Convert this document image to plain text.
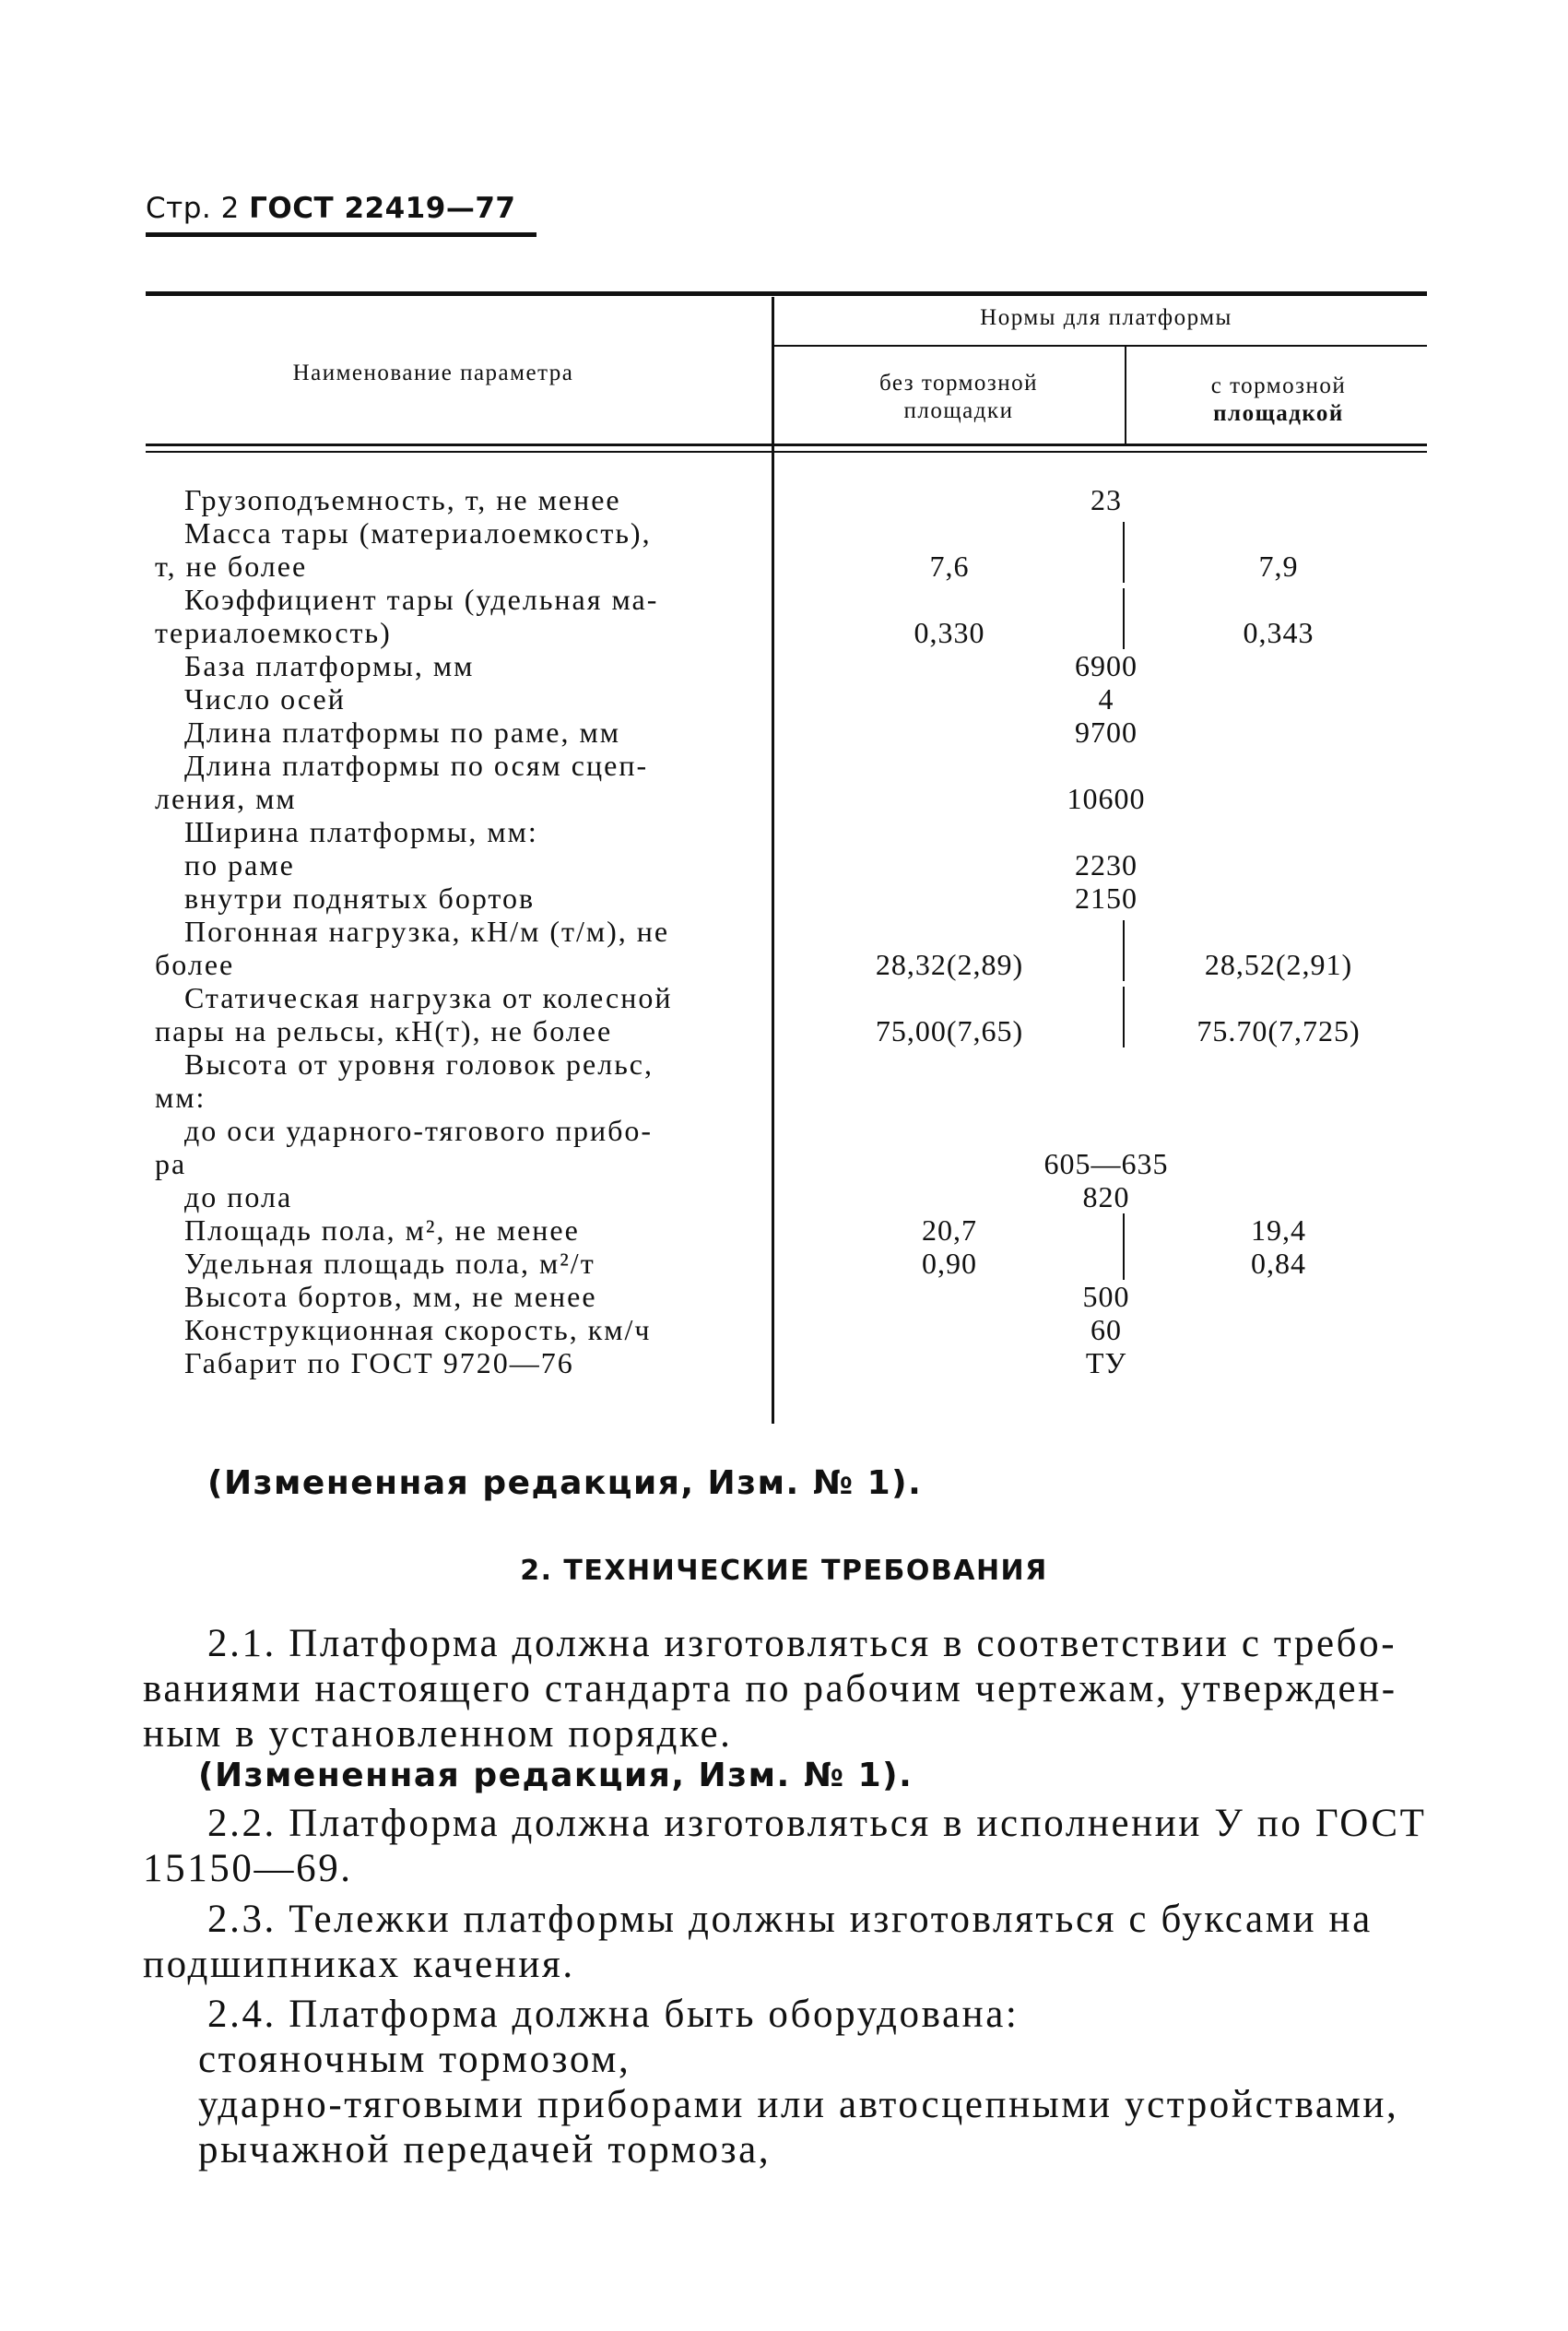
Стр. 2 ГОСТ 22419—77
Наименование параметра
Нормы для платформы
без тормозной
площадки
с тормозной
площадкой
Грузоподъемность, т, не менее	23
Масса тары (материалоемкость),
т, не более	7,6	7,9
Коэффициент тары (удельная ма-
териалоемкость)	0,330	0,343
База платформы, мм	6900
Число осей	4
Длина платформы по раме, мм	9700
Длина платформы по осям сцеп-
ления, мм	10600
Ширина платформы, мм:
по раме	2230
внутри поднятых бортов	2150
Погонная нагрузка, кН/м (т/м), не
более	28,32(2,89)	28,52(2,91)
Статическая нагрузка от колесной
пары на рельсы, кН(т), не более	75,00(7,65)	75.70(7,725)
Высота от уровня головок рельс,
мм:
до оси ударного-тягового прибо-
ра	605—635
до пола	820
Площадь пола, м², не менее	20,7	19,4
Удельная площадь пола, м²/т	0,90	0,84
Высота бортов, мм, не менее	500
Конструкционная скорость, км/ч	60
Габарит по ГОСТ 9720—76	ТУ
(Измененная редакция, Изм. № 1).
2. ТЕХНИЧЕСКИЕ ТРЕБОВАНИЯ
2.1. Платформа должна изготовляться в соответствии с требо-
ваниями настоящего стандарта по рабочим чертежам, утвержден-
ным в установленном порядке.
(Измененная редакция, Изм. № 1).
2.2. Платформа должна изготовляться в исполнении У по ГОСТ
15150—69.
2.3. Тележки платформы должны изготовляться с буксами на
подшипниках качения.
2.4. Платформа должна быть оборудована:
стояночным тормозом,
ударно-тяговыми приборами или автосцепными устройствами,
рычажной передачей тормоза,
